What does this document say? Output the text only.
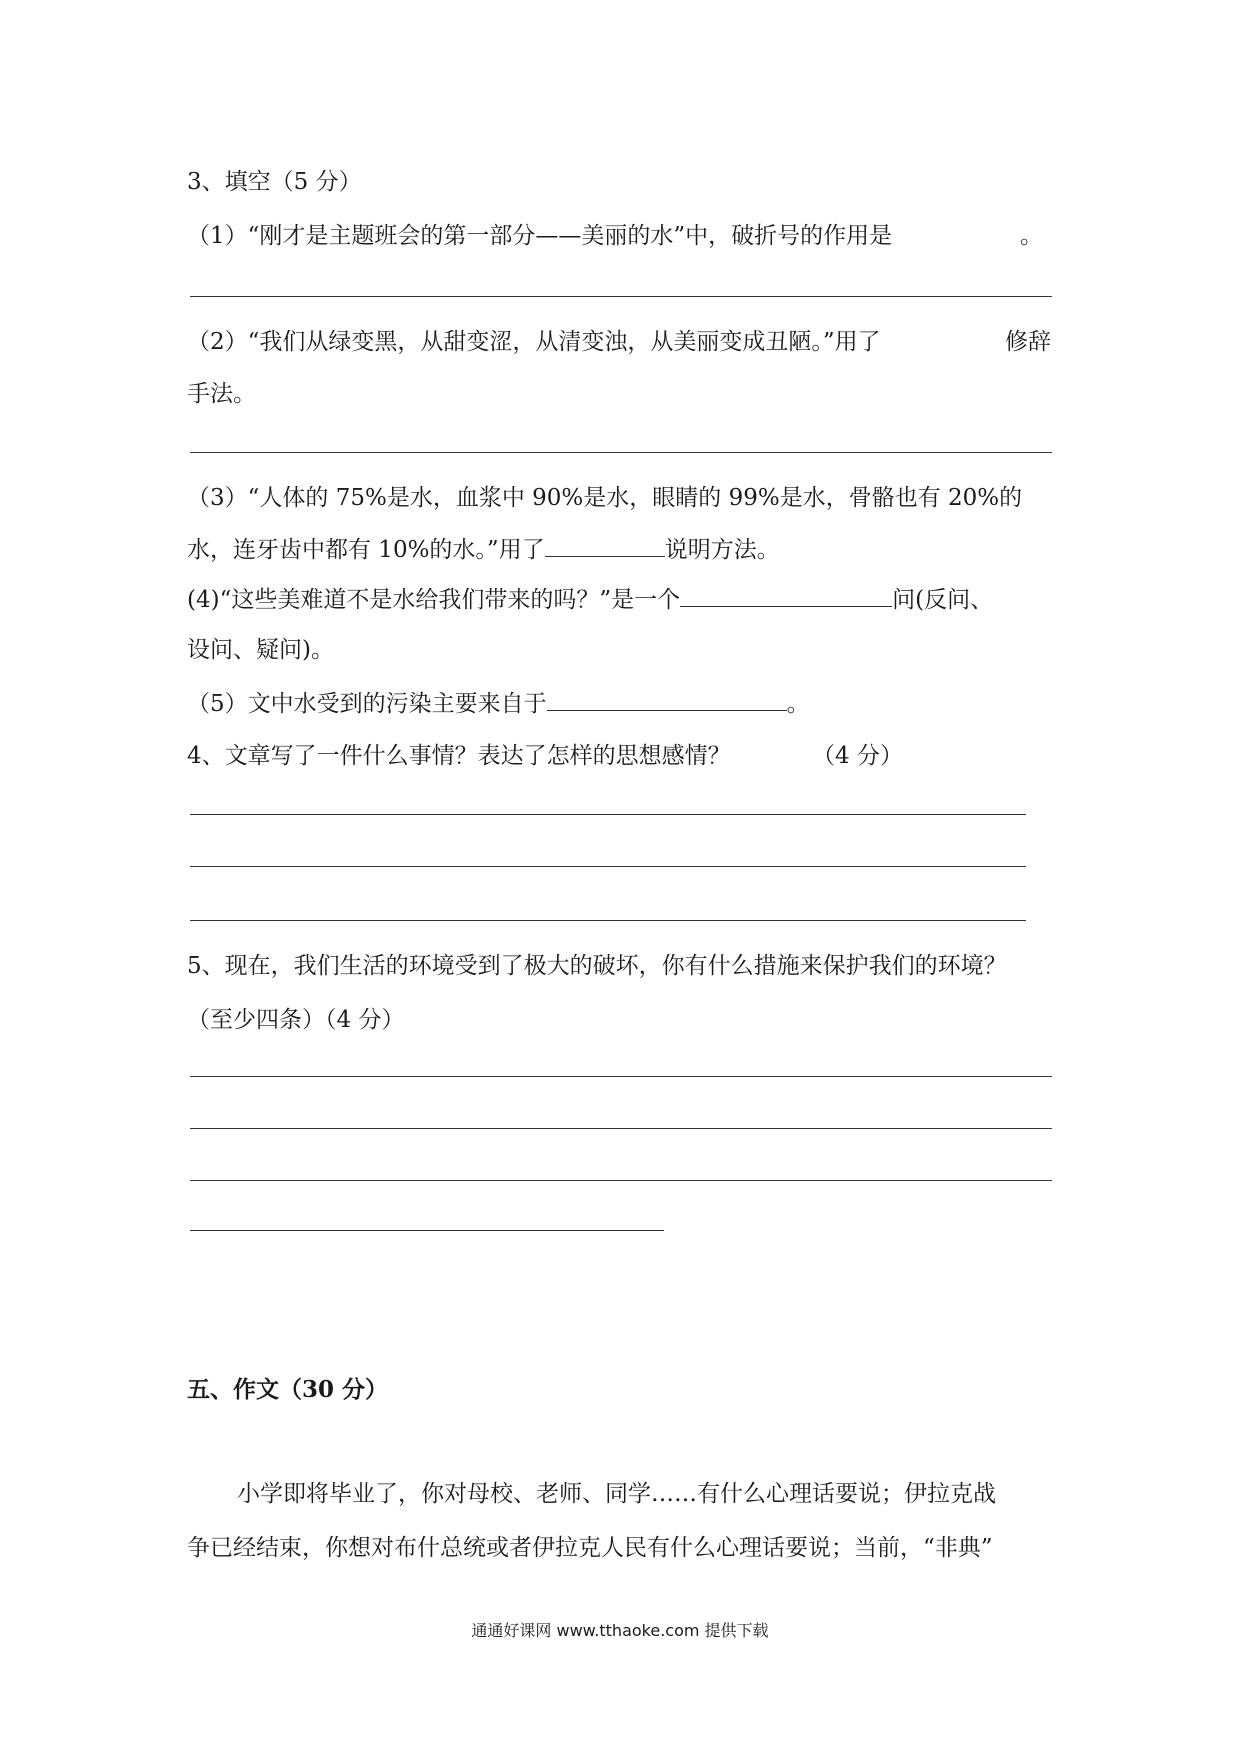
3、填空（5 分）
（1）“刚才是主题班会的第一部分——美丽的水”中，破折号的作用是	。
（2）“我们从绿变黑，从甜变涩，从清变浊，从美丽变成丑陋。”用了	修辞
手法。
（3）“人体的 75%是水，血浆中 90%是水，眼睛的 99%是水，骨骼也有 20%的
水，连牙齿中都有 10%的水。”用了	说明方法。
(4)“这些美难道不是水给我们带来的吗？”是一个	问(反问、
设问、疑问)。
（5）文中水受到的污染主要来自于	。
4、文章写了一件什么事情？表达了怎样的思想感情？	（4 分）
5、现在，我们生活的环境受到了极大的破坏，你有什么措施来保护我们的环境？
（至少四条）（4 分）
五、作文（30 分）
小学即将毕业了，你对母校、老师、同学……有什么心理话要说；伊拉克战
争已经结束，你想对布什总统或者伊拉克人民有什么心理话要说；当前，“非典”
通通好课网 www.tthaoke.com 提供下载
